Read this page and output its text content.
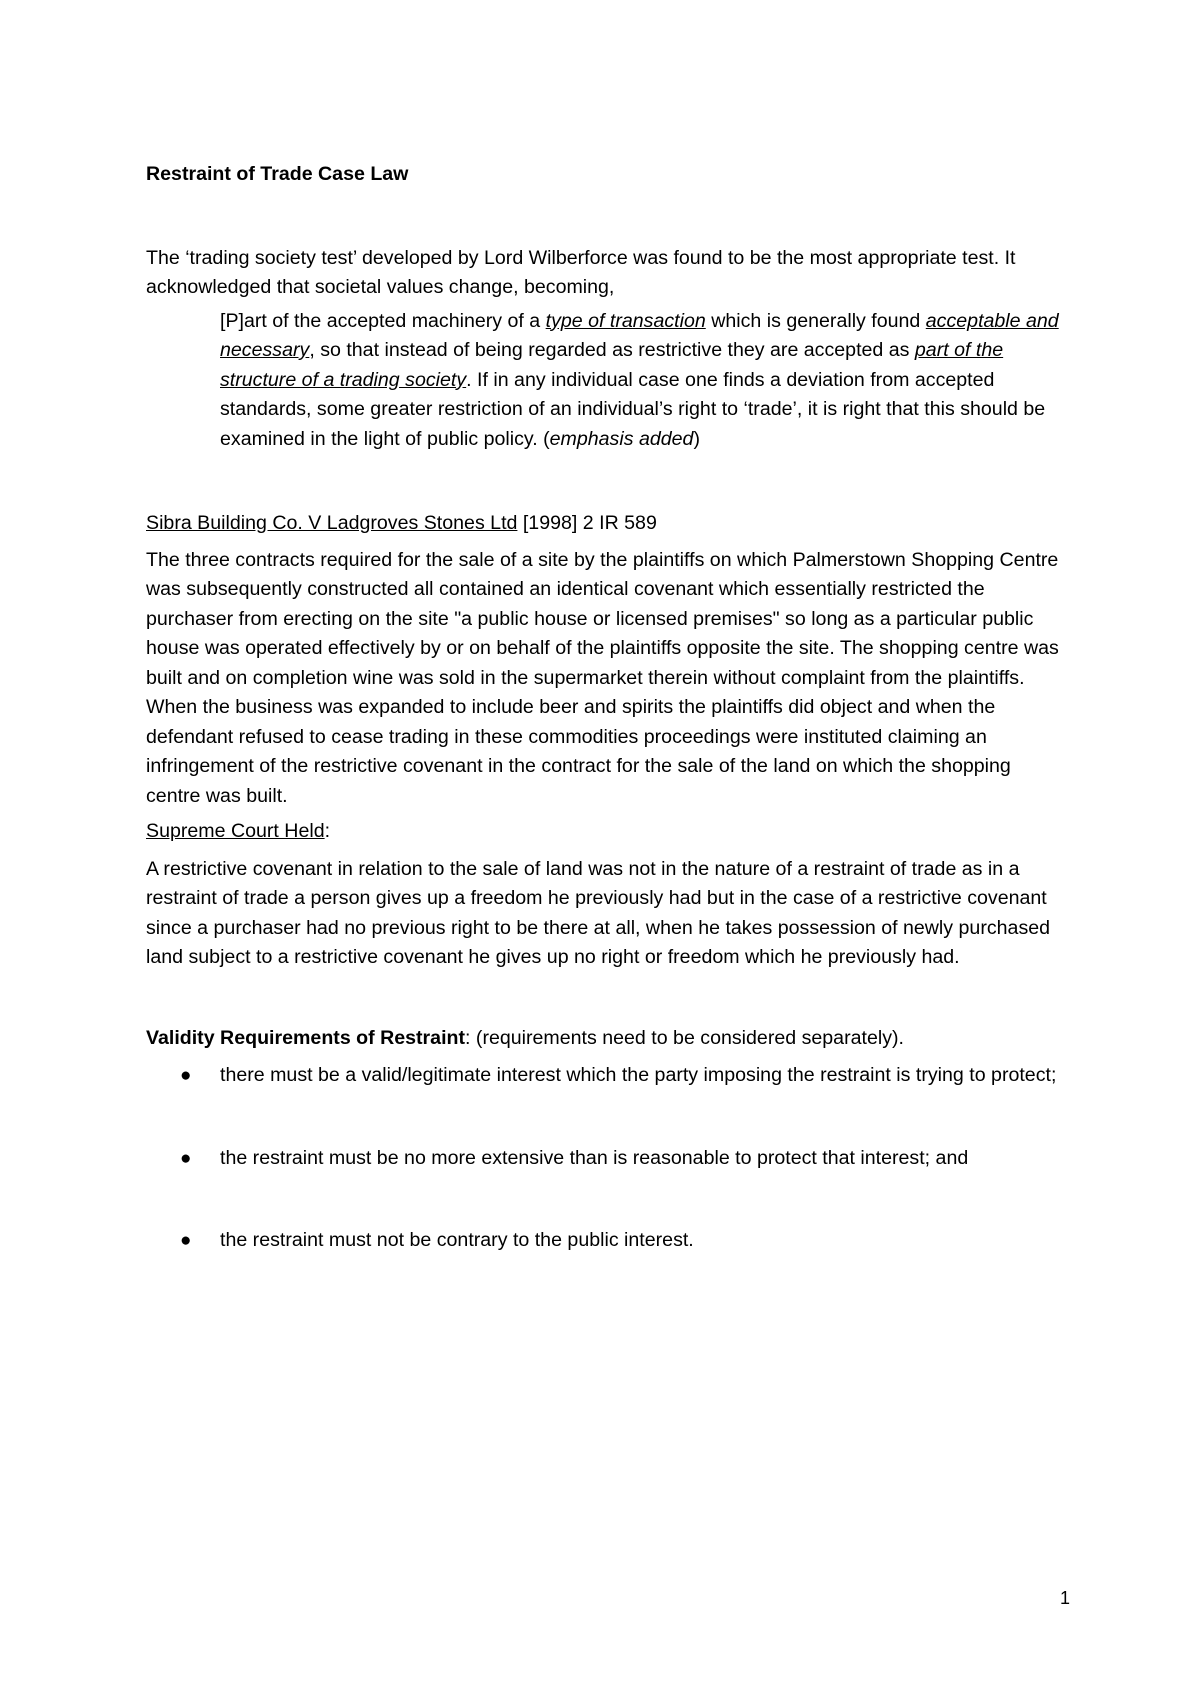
Restraint of Trade Case Law

The ‘trading society test’ developed by Lord Wilberforce was found to be the most appropriate test. It acknowledged that societal values change, becoming,

[P]art of the accepted machinery of a type of transaction which is generally found acceptable and necessary, so that instead of being regarded as restrictive they are accepted as part of the structure of a trading society. If in any individual case one finds a deviation from accepted standards, some greater restriction of an individual’s right to ‘trade’, it is right that this should be examined in the light of public policy. (emphasis added)

Sibra Building Co. V Ladgroves Stones Ltd [1998] 2 IR 589

The three contracts required for the sale of a site by the plaintiffs on which Palmerstown Shopping Centre was subsequently constructed all contained an identical covenant which essentially restricted the purchaser from erecting on the site "a public house or licensed premises" so long as a particular public house was operated effectively by or on behalf of the plaintiffs opposite the site. The shopping centre was built and on completion wine was sold in the supermarket therein without complaint from the plaintiffs. When the business was expanded to include beer and spirits the plaintiffs did object and when the defendant refused to cease trading in these commodities proceedings were instituted claiming an infringement of the restrictive covenant in the contract for the sale of the land on which the shopping centre was built.

Supreme Court Held:

A restrictive covenant in relation to the sale of land was not in the nature of a restraint of trade as in a restraint of trade a person gives up a freedom he previously had but in the case of a restrictive covenant since a purchaser had no previous right to be there at all, when he takes possession of newly purchased land subject to a restrictive covenant he gives up no right or freedom which he previously had.

Validity Requirements of Restraint: (requirements need to be considered separately).

● there must be a valid/legitimate interest which the party imposing the restraint is trying to protect;
● the restraint must be no more extensive than is reasonable to protect that interest; and
● the restraint must not be contrary to the public interest.
1
